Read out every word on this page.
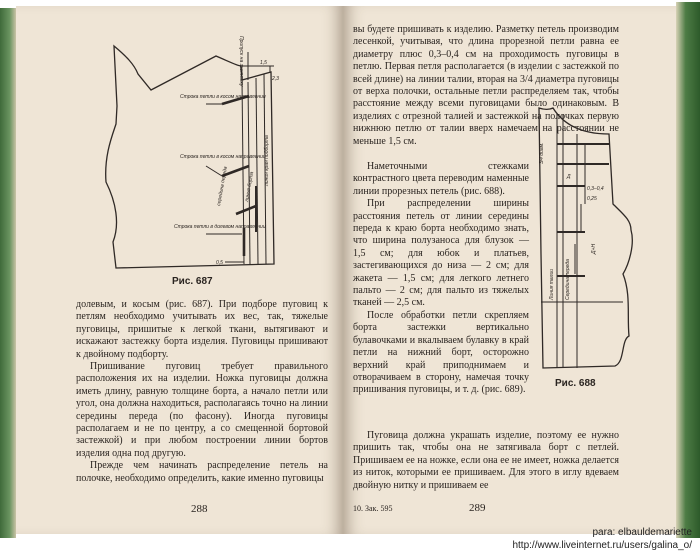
Припуск на застежку
Строка петли в косом направлении
Строка петли в косом направлении
Строка петли в долевом направлении
середина переда	линия борта
линия края подборта
1,5
2,3
0,5
Рис. 687

долевым, и косым (рис. 687). При подборе пуговиц к петлям необходимо учитывать их вес, так, тяжелые пуговицы, пришитые к легкой ткани, вытягивают и искажают застежку борта изделия. Пуговицы пришивают к двойному подборту.

Пришивание пуговиц требует правильного расположения их на изделии. Ножка пуговицы должна иметь длину, равную толщине борта, а начало петли или угол, она должна находиться, располагаясь точно на линии середины переда (по фасону). Иногда пуговицы располагаем и не по центру, а со смещенной бортовой застежкой) и при любом построении линии бортов изделия одна под другую.

Прежде чем начинать распределение петель на полочке, необходимо определить, какие именно пуговицы

288

вы будете пришивать к изделию. Разметку петель производим лесенкой, учитывая, что длина прорезной петли равна ее диаметру плюс 0,3–0,4 см на проходимость пуговицы в петлю. Первая петля располагается (в изделии с застежкой по всей длине) на линии талии, вторая на 3/4 диаметра пуговицы от верха полочки, остальные петли распределяем так, чтобы расстояние между всеми пуговицами было одинаковым. В изделиях с отрезной талией и застежкой на полочках первую нижнюю петлю от талии вверх намечаем на расстоянии не меньше 1,5 см.

Наметочными стежками контрастного цвета переводим наменные линии прорезных петель (рис. 688).

При распределении ширины расстояния петель от линии середины переда к краю борта необходимо знать, что ширина полузаноса для блузок — 1,5 см; для юбок и платьев, застегивающихся до низа — 2 см; для жакета — 1,5 см; для легкого летнего пальто — 2 см; для пальто из тяжелых тканей — 2,5 см.

После обработки петли скрепляем борта застежки вертикально булавочками и вкалываем булавку в край петли на нижний борт, осторожно верхний край приподнимаем и отворачиваем в сторону, намечая точку пришивания пуговицы, и т. д. (рис. 689).

Пуговица должна украшать изделие, поэтому ее нужно пришить так, чтобы она не затягивала борт с петлей. Пришиваем ее на ножке, если она ее не имеет, ножка делается из ниток, которыми ее пришиваем. Для этого в иглу вдеваем двойную нитку и пришиваем ее

3/4 диам.
Д
0,3–0,4
0,25
Д+Н
Середина переда
Линия талии
Рис. 688
10. Зак. 595	289
para: elbauldemariette
http://www.liveinternet.ru/users/galina_o/
